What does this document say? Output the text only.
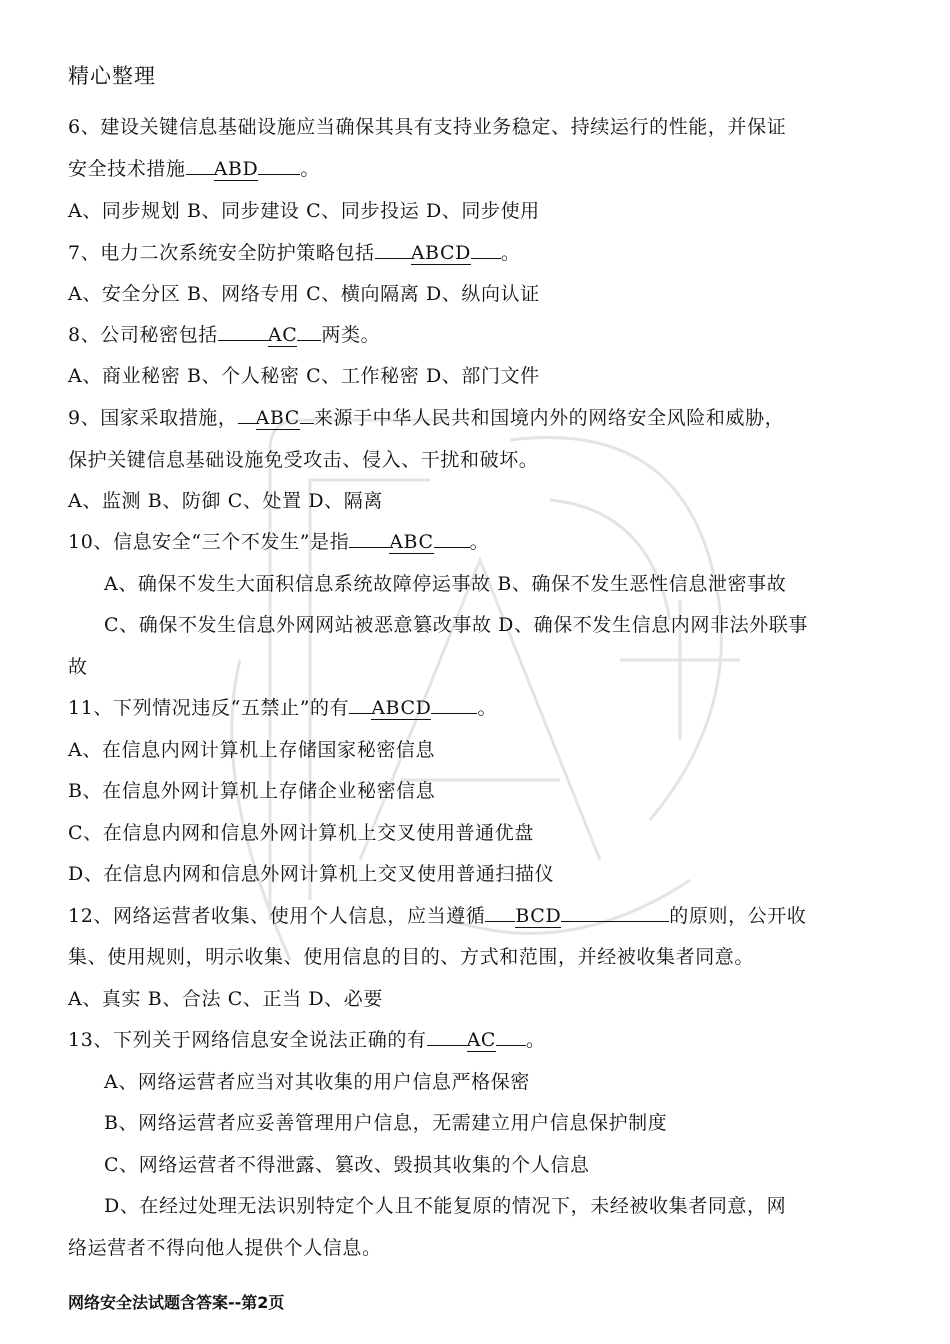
精心整理
6、建设关键信息基础设施应当确保其具有支持业务稳定、持续运行的性能，并保证
安全技术措施 ABD 。
A、同步规划 B、同步建设 C、同步投运 D、同步使用
7、电力二次系统安全防护策略包括 ABCD 。
A、安全分区 B、网络专用 C、横向隔离 D、纵向认证
8、公司秘密包括	AC 两类。
A、商业秘密 B、个人秘密 C、工作秘密 D、部门文件
9、国家采取措施， ABC 来源于中华人民共和国境内外的网络安全风险和威胁，
保护关键信息基础设施免受攻击、侵入、干扰和破坏。
A、监测 B、防御 C、处置 D、隔离
10、信息安全“三个不发生”是指 ABC 。
A、确保不发生大面积信息系统故障停运事故 B、确保不发生恶性信息泄密事故
C、确保不发生信息外网网站被恶意篡改事故 D、确保不发生信息内网非法外联事
故
11、下列情况违反“五禁止”的有 ABCD 。
A、在信息内网计算机上存储国家秘密信息
B、在信息外网计算机上存储企业秘密信息
C、在信息内网和信息外网计算机上交叉使用普通优盘
D、在信息内网和信息外网计算机上交叉使用普通扫描仪
12、网络运营者收集、使用个人信息，应当遵循 BCD	的原则，公开收
集、使用规则，明示收集、使用信息的目的、方式和范围，并经被收集者同意。
A、真实 B、合法 C、正当 D、必要
13、下列关于网络信息安全说法正确的有 AC 。
A、网络运营者应当对其收集的用户信息严格保密
B、网络运营者应妥善管理用户信息，无需建立用户信息保护制度
C、网络运营者不得泄露、篡改、毁损其收集的个人信息
D、在经过处理无法识别特定个人且不能复原的情况下，未经被收集者同意，网
络运营者不得向他人提供个人信息。
网络安全法试题含答案--第2页
